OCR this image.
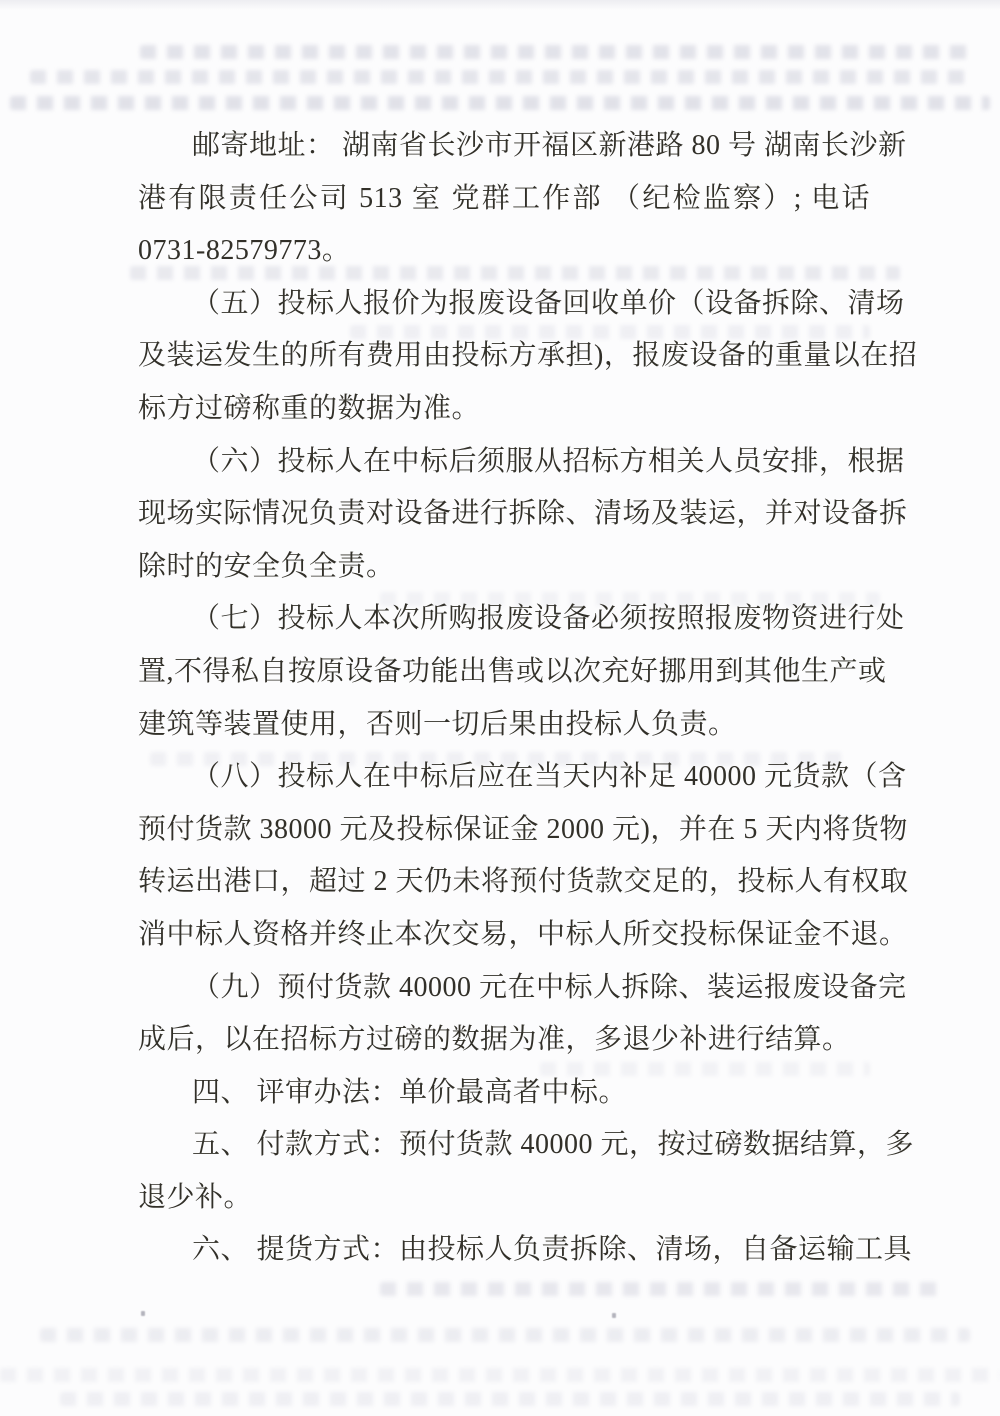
邮寄地址： 湖南省长沙市开福区新港路 80 号 湖南长沙新
港有限责任公司 513 室 党群工作部 （纪检监察）; 电话
0731-82579773。
（五）投标人报价为报废设备回收单价（设备拆除、清场
及装运发生的所有费用由投标方承担)，报废设备的重量以在招
标方过磅称重的数据为准。
（六）投标人在中标后须服从招标方相关人员安排，根据
现场实际情况负责对设备进行拆除、清场及装运，并对设备拆
除时的安全负全责。
（七）投标人本次所购报废设备必须按照报废物资进行处
置,不得私自按原设备功能出售或以次充好挪用到其他生产或
建筑等装置使用，否则一切后果由投标人负责。
（八）投标人在中标后应在当天内补足 40000 元货款（含
预付货款 38000 元及投标保证金 2000 元)，并在 5 天内将货物
转运出港口，超过 2 天仍未将预付货款交足的，投标人有权取
消中标人资格并终止本次交易，中标人所交投标保证金不退。
（九）预付货款 40000 元在中标人拆除、装运报废设备完
成后，以在招标方过磅的数据为准，多退少补进行结算。
四、 评审办法：单价最高者中标。
五、 付款方式：预付货款 40000 元，按过磅数据结算，多
退少补。
六、 提货方式：由投标人负责拆除、清场，自备运输工具
